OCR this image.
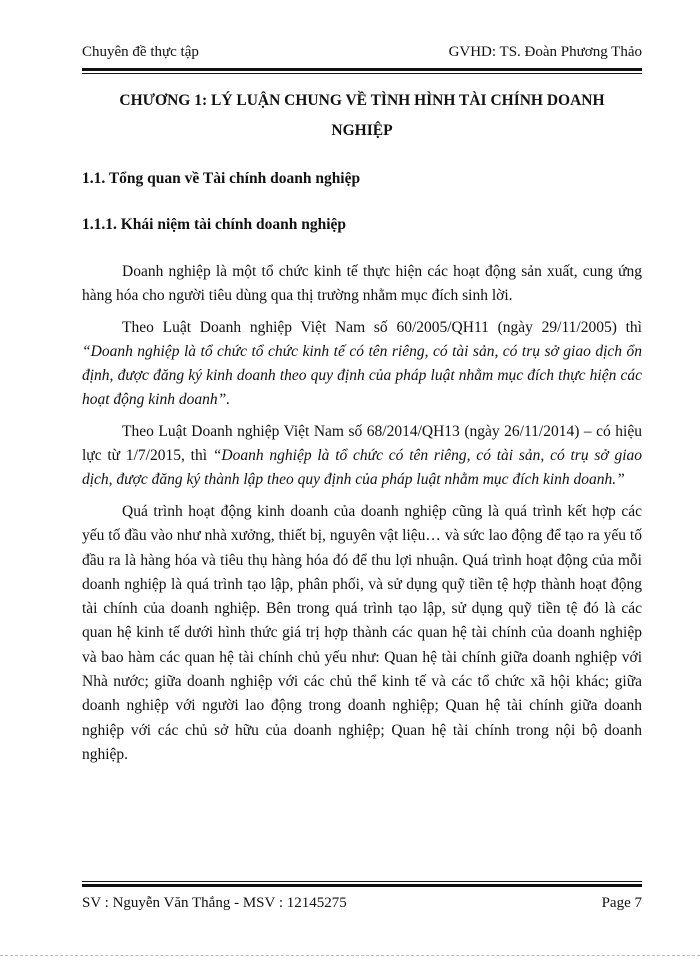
Chuyên đề thực tập	GVHD: TS. Đoàn Phương Thảo
CHƯƠNG 1: LÝ LUẬN CHUNG VỀ TÌNH HÌNH TÀI CHÍNH DOANH NGHIỆP
1.1. Tổng quan về Tài chính doanh nghiệp
1.1.1. Khái niệm tài chính doanh nghiệp

Doanh nghiệp là một tổ chức kinh tế thực hiện các hoạt động sản xuất, cung ứng hàng hóa cho người tiêu dùng qua thị trường nhằm mục đích sinh lời.

Theo Luật Doanh nghiệp Việt Nam số 60/2005/QH11 (ngày 29/11/2005) thì “Doanh nghiệp là tổ chức tổ chức kinh tế có tên riêng, có tài sản, có trụ sở giao dịch ổn định, được đăng ký kinh doanh theo quy định của pháp luật nhằm mục đích thực hiện các hoạt động kinh doanh”.

Theo Luật Doanh nghiệp Việt Nam số 68/2014/QH13 (ngày 26/11/2014) – có hiệu lực từ 1/7/2015, thì “Doanh nghiệp là tổ chức có tên riêng, có tài sản, có trụ sở giao dịch, được đăng ký thành lập theo quy định của pháp luật nhằm mục đích kinh doanh.”

Quá trình hoạt động kinh doanh của doanh nghiệp cũng là quá trình kết hợp các yếu tố đầu vào như nhà xưởng, thiết bị, nguyên vật liệu… và sức lao động để tạo ra yếu tố đầu ra là hàng hóa và tiêu thụ hàng hóa đó để thu lợi nhuận. Quá trình hoạt động của mỗi doanh nghiệp là quá trình tạo lập, phân phối, và sử dụng quỹ tiền tệ hợp thành hoạt động tài chính của doanh nghiệp. Bên trong quá trình tạo lập, sử dụng quỹ tiền tệ đó là các quan hệ kinh tế dưới hình thức giá trị hợp thành các quan hệ tài chính của doanh nghiệp và bao hàm các quan hệ tài chính chủ yếu như: Quan hệ tài chính giữa doanh nghiệp với Nhà nước; giữa doanh nghiệp với các chủ thể kinh tế và các tổ chức xã hội khác; giữa doanh nghiệp với người lao động trong doanh nghiệp; Quan hệ tài chính giữa doanh nghiệp với các chủ sở hữu của doanh nghiệp; Quan hệ tài chính trong nội bộ doanh nghiệp.

SV : Nguyễn Văn Thắng - MSV : 12145275	Page 7
